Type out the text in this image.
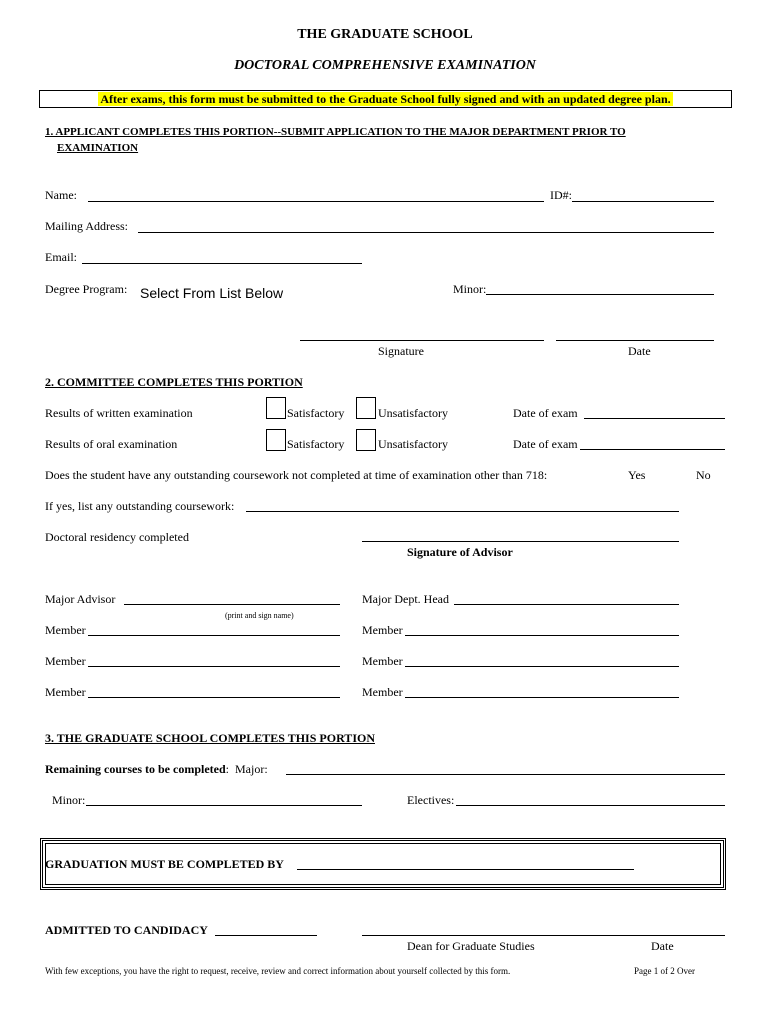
THE GRADUATE SCHOOL
DOCTORAL COMPREHENSIVE EXAMINATION
After exams, this form must be submitted to the Graduate School fully signed and with an updated degree plan.
1. APPLICANT COMPLETES THIS PORTION--SUBMIT APPLICATION TO THE MAJOR DEPARTMENT PRIOR TO
EXAMINATION
Name:	ID#:
Mailing Address:
Email:
Degree Program: Select From List Below	Minor:
Signature	Date
2. COMMITTEE COMPLETES THIS PORTION
Results of written examination	Satisfactory	Unsatisfactory	Date of exam
Results of oral examination	Satisfactory	Unsatisfactory	Date of exam
Does the student have any outstanding coursework not completed at time of examination other than 718:	Yes	No
If yes, list any outstanding coursework:
Doctoral residency completed
Signature of Advisor
Major Advisor
(print and sign name)
Major Dept. Head
Member	Member
Member	Member
Member	Member
3. THE GRADUATE SCHOOL COMPLETES THIS PORTION
Remaining courses to be completed:  Major:
Minor:	Electives:
GRADUATION MUST BE COMPLETED BY
ADMITTED TO CANDIDACY
Dean for Graduate Studies	Date
With few exceptions, you have the right to request, receive, review and correct information about yourself collected by this form.	Page 1 of 2 Over
